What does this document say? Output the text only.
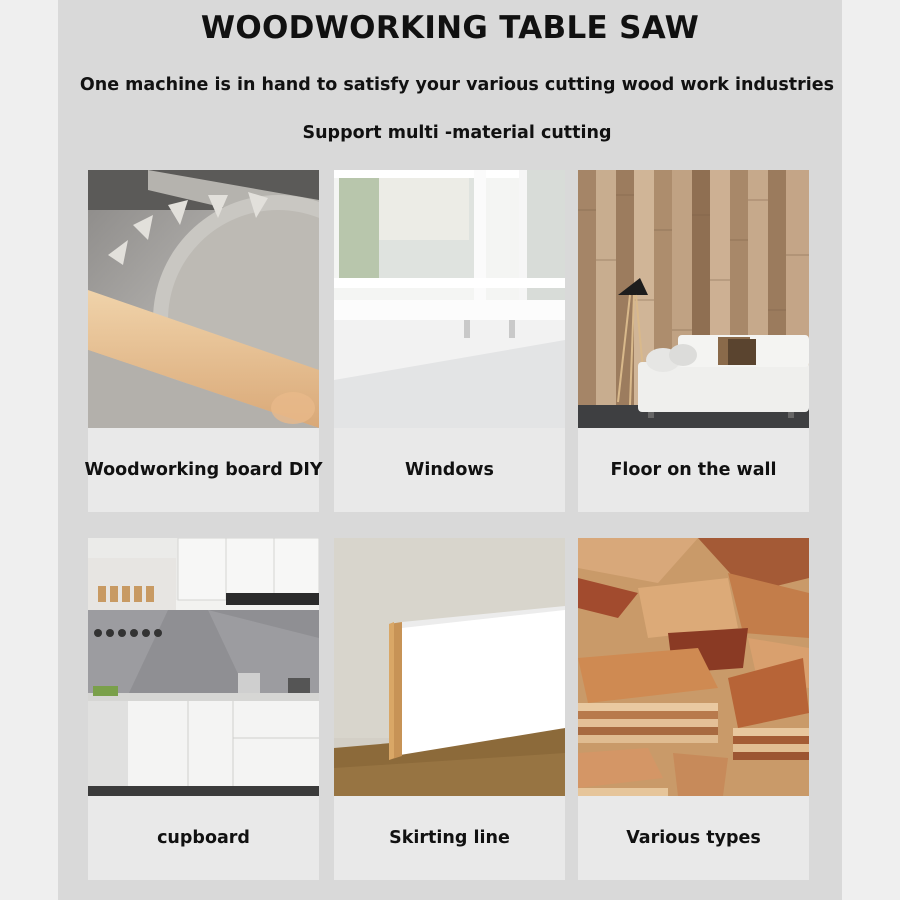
WOODWORKING TABLE SAW
One machine is in hand to satisfy your various cutting wood work industries
Support multi -material cutting
Woodworking board DIY	Windows	Floor on the wall
cupboard	Skirting line	Various types
